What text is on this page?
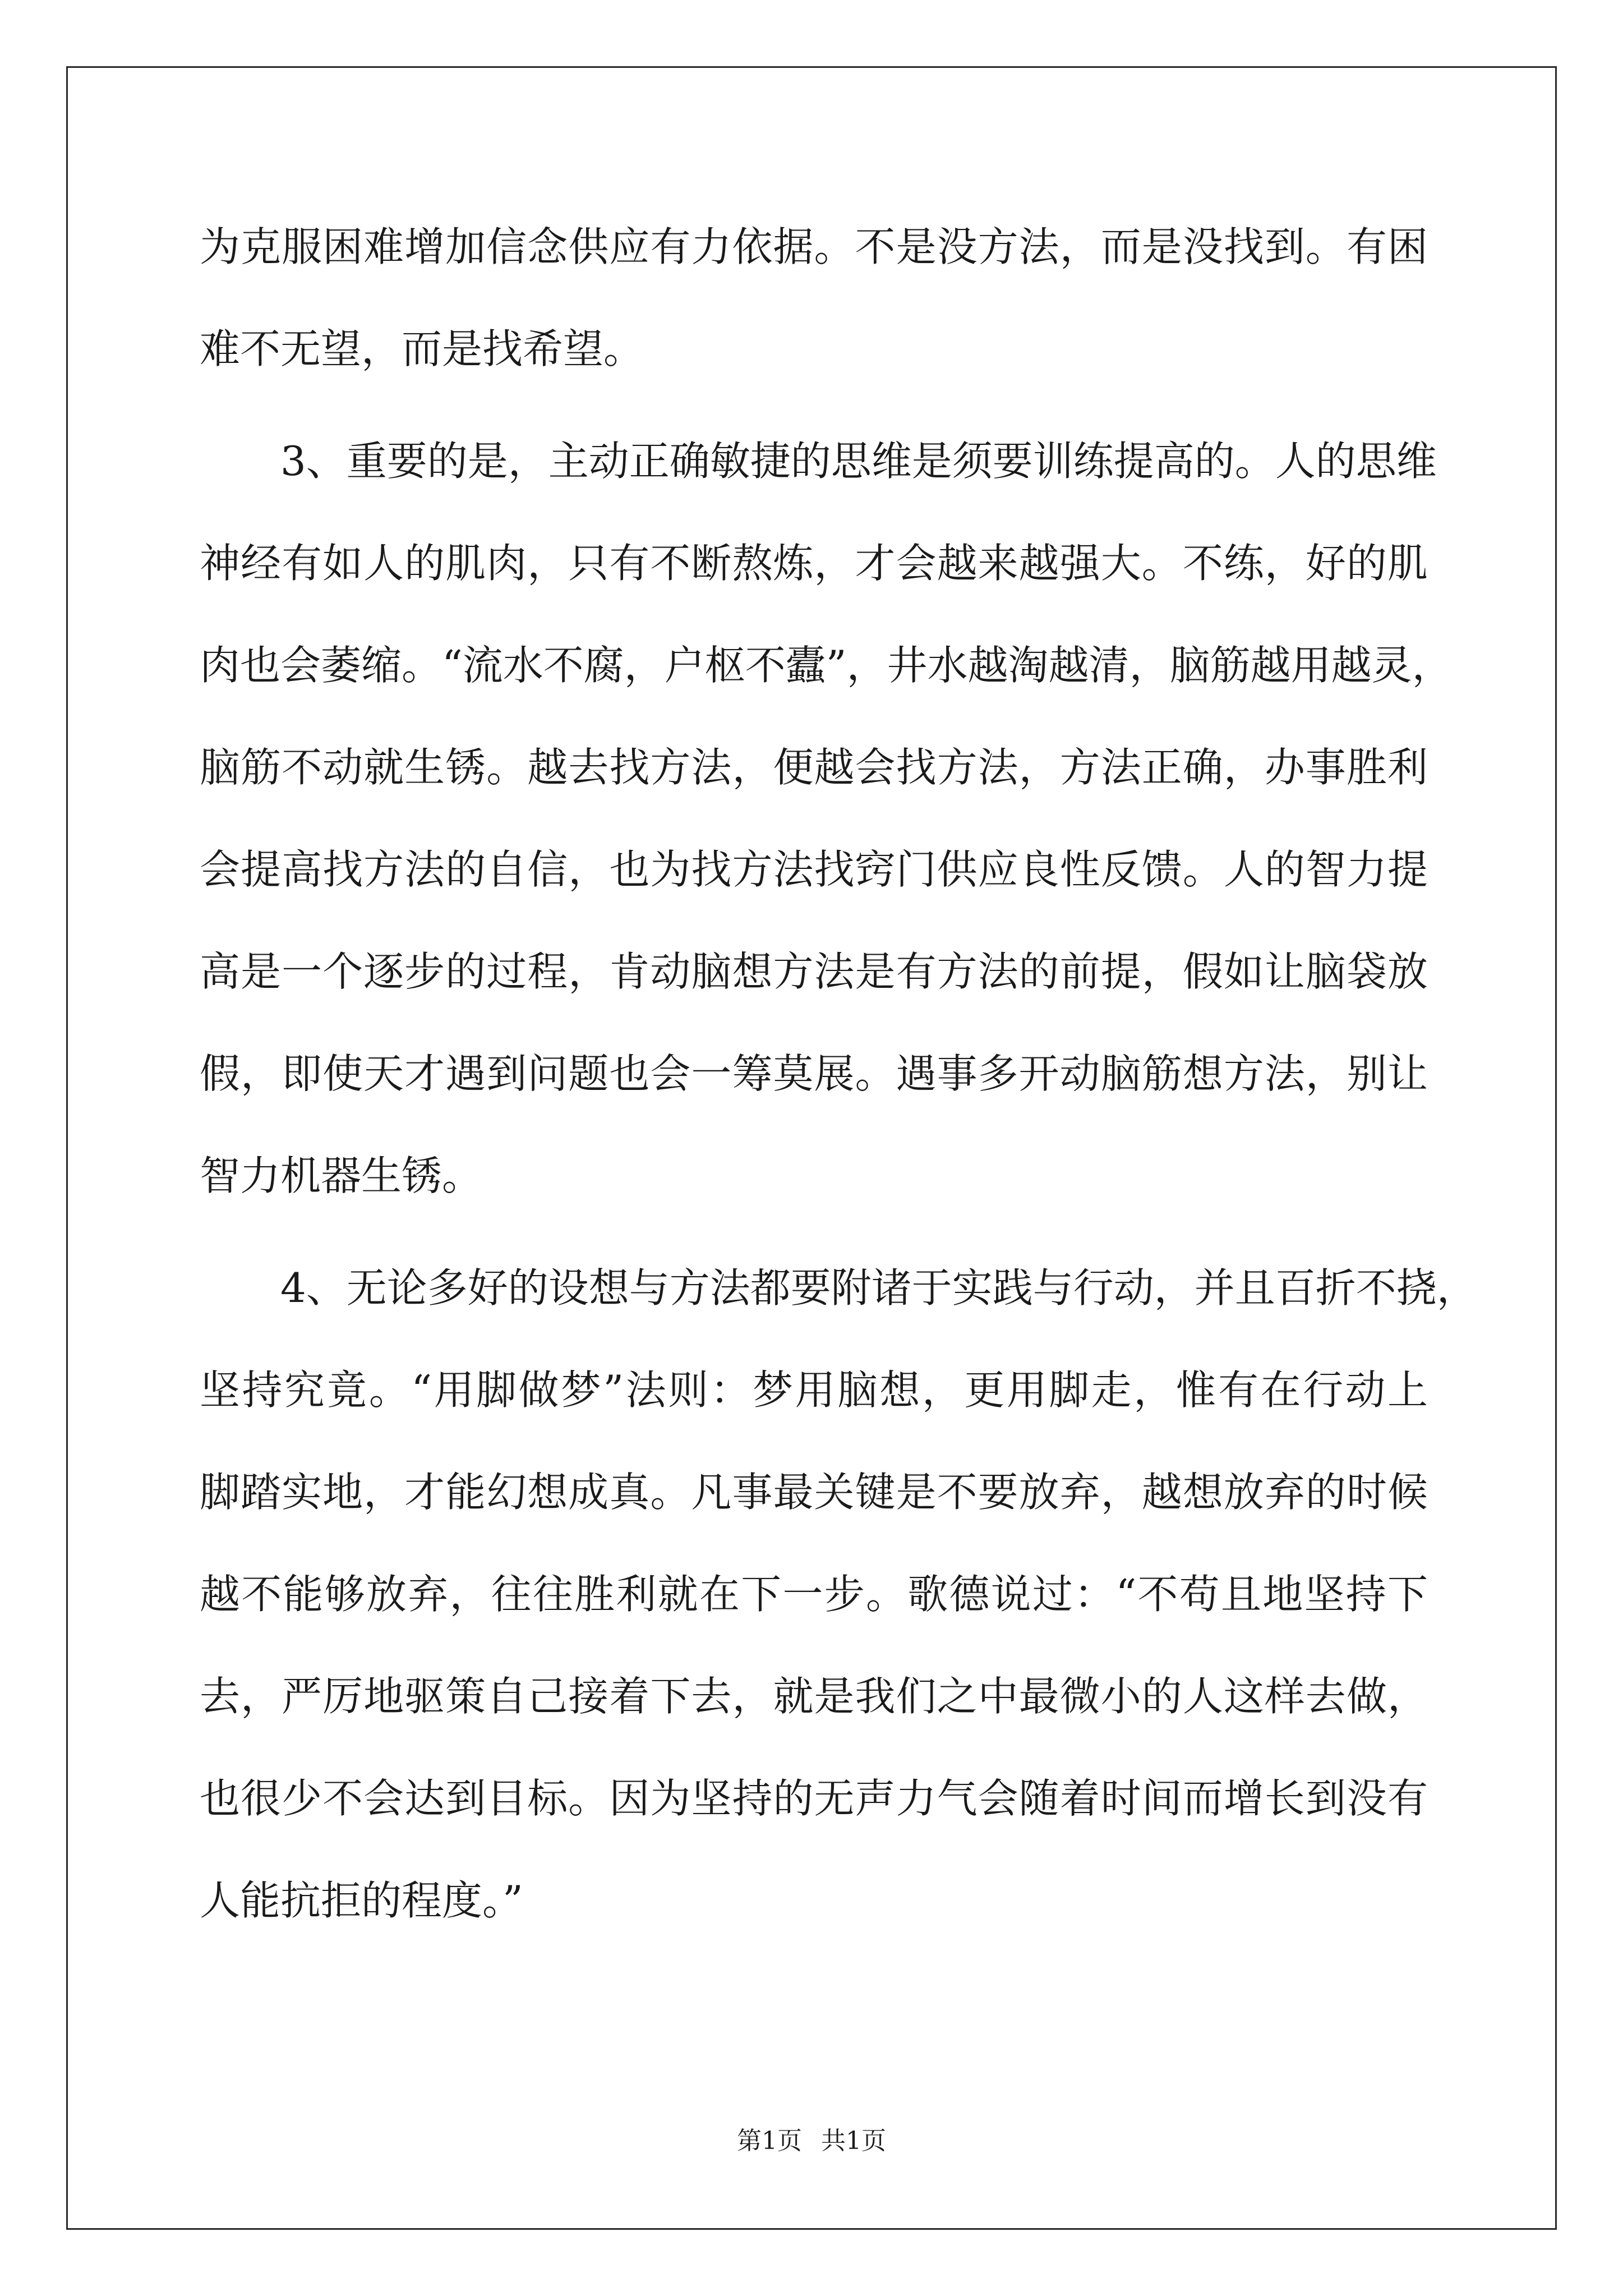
为克服困难增加信念供应有力依据。不是没方法，而是没找到。有困
难不无望，而是找希望。
3、重要的是，主动正确敏捷的思维是须要训练提高的。人的思维
神经有如人的肌肉，只有不断熬炼，才会越来越强大。不练，好的肌
肉也会萎缩。“流水不腐，户枢不蠹”，井水越淘越清，脑筋越用越灵，
脑筋不动就生锈。越去找方法，便越会找方法，方法正确，办事胜利
会提高找方法的自信，也为找方法找窍门供应良性反馈。人的智力提
高是一个逐步的过程，肯动脑想方法是有方法的前提，假如让脑袋放
假，即使天才遇到问题也会一筹莫展。遇事多开动脑筋想方法，别让
智力机器生锈。
4、无论多好的设想与方法都要附诸于实践与行动，并且百折不挠，
坚持究竟。“用脚做梦”法则：梦用脑想，更用脚走，惟有在行动上
脚踏实地，才能幻想成真。凡事最关键是不要放弃，越想放弃的时候
越不能够放弃，往往胜利就在下一步。歌德说过：“不苟且地坚持下
去，严厉地驱策自己接着下去，就是我们之中最微小的人这样去做，
也很少不会达到目标。因为坚持的无声力气会随着时间而增长到没有
人能抗拒的程度。”
第1页 共1页
